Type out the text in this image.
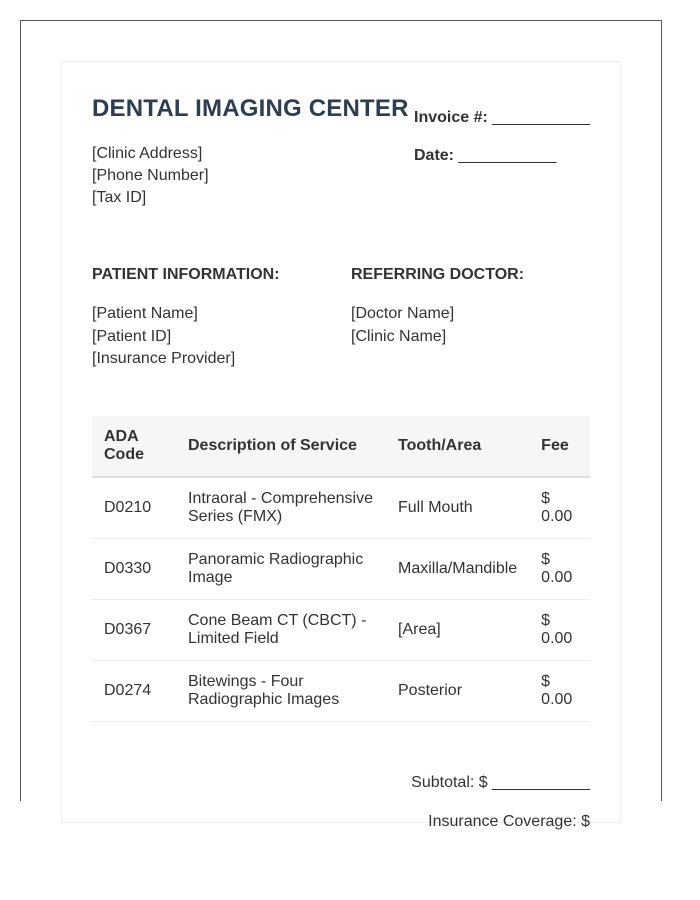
DENTAL IMAGING CENTER
[Clinic Address]
[Phone Number]
[Tax ID]
Invoice #: ___________
Date: ___________
PATIENT INFORMATION:
[Patient Name]
[Patient ID]
[Insurance Provider]
REFERRING DOCTOR:
[Doctor Name]
[Clinic Name]
ADA Code	Description of Service	Tooth/Area	Fee
D0210	Intraoral - Comprehensive Series (FMX)	Full Mouth	$ 0.00
D0330	Panoramic Radiographic Image	Maxilla/Mandible	$ 0.00
D0367	Cone Beam CT (CBCT) - Limited Field	[Area]	$ 0.00
D0274	Bitewings - Four Radiographic Images	Posterior	$ 0.00
Subtotal: $ ___________
Insurance Coverage: $
